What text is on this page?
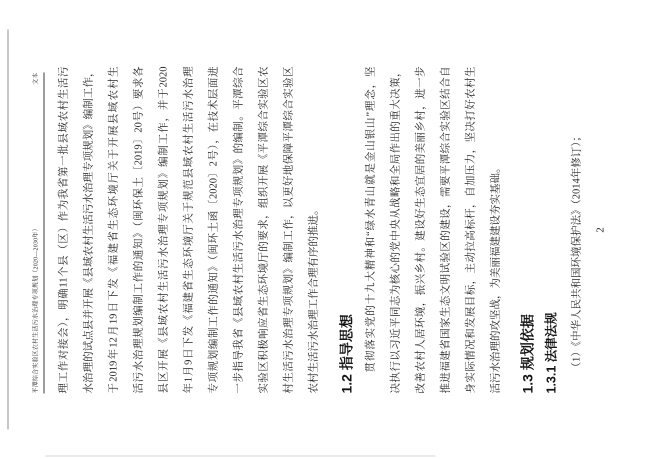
平潭综合实验区农村生活污水治理专项规划（2020—2030年）
文本	理工作对接会），明确11个县（区）作为我省第一批县域农村生活污	水治理的试点县并开展《县域农村生活污水治理专项规划》编制工作，	于2019年12月19日下发《福建省生态环境厅关于开展县域农村生	活污水治理规划编制工作的通知》（闽环保土〔2019〕20号）要求各	县区开展《县域农村生活污水治理专项规划》编制工作，并于2020	年1月9日下发《福建省生态环境厅关于规范县域农村生活污水治理	专项规划编制工作的通知》（闽环土函〔2020〕2号），在技术层面进	一步指导我省《县域农村生活污水治理专项规划》的编制。平潭综合	实验区积极响应省生态环境厅的要求，组织开展《平潭综合实验区农	村生活污水治理专项规划》编制工作，以更好地保障平潭综合实验区	农村生活污水治理工作合理有序的推进。	1.2 指导思想	贯彻落实党的十九大精神和“绿水青山就是金山银山”理念，坚	决执行以习近平同志为核心的党中央从战略和全局作出的重大决策，	改善农村人居环境，振兴乡村。建设好生态宜居的美丽乡村，进一步	推进福建省国家生态文明试验区的建设，需要平潭综合实验区结合自	身实际情况和发展目标，主动拉高标杆，自加压力，坚决打好农村生	活污水治理的攻坚战，为美丽福建建设夯实基础。	1.3 规划依据 1.3.1 法律法规	（1）《中华人民共和国环境保护法》（2014年修订）；	2
